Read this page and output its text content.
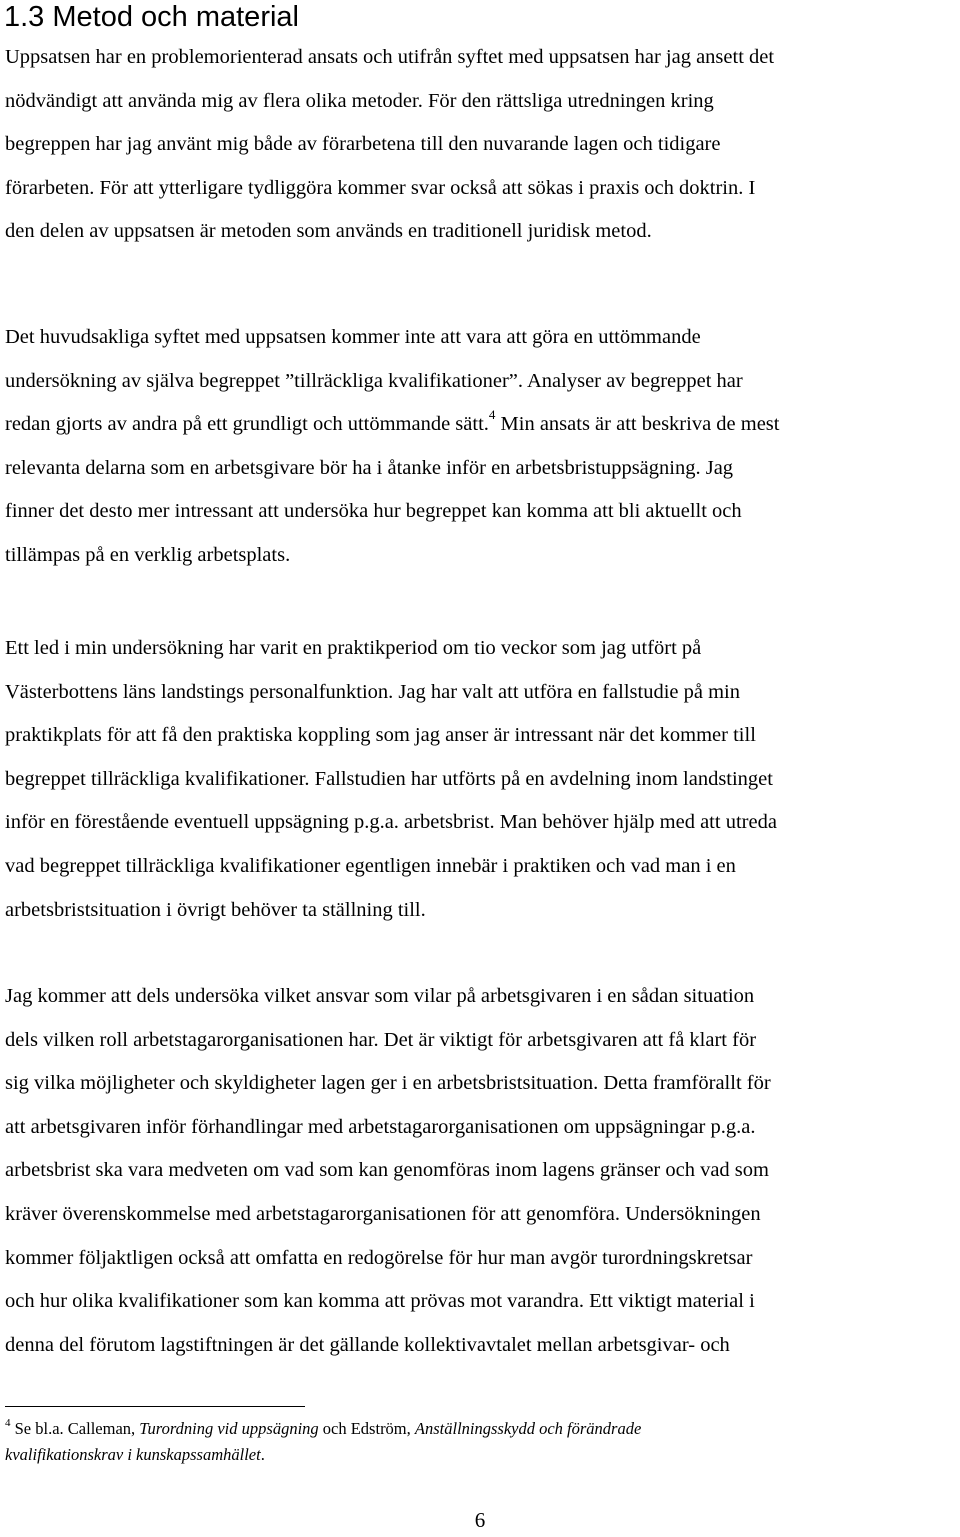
1.3 Metod och material
Uppsatsen har en problemorienterad ansats och utifrån syftet med uppsatsen har jag ansett det
nödvändigt att använda mig av flera olika metoder. För den rättsliga utredningen kring
begreppen har jag använt mig både av förarbetena till den nuvarande lagen och tidigare
förarbeten. För att ytterligare tydliggöra kommer svar också att sökas i praxis och doktrin. I
den delen av uppsatsen är metoden som används en traditionell juridisk metod.
Det huvudsakliga syftet med uppsatsen kommer inte att vara att göra en uttömmande
undersökning av själva begreppet ”tillräckliga kvalifikationer”. Analyser av begreppet har
redan gjorts av andra på ett grundligt och uttömmande sätt.$^4$ Min ansats är att beskriva de mest
relevanta delarna som en arbetsgivare bör ha i åtanke inför en arbetsbristuppsägning. Jag
finner det desto mer intressant att undersöka hur begreppet kan komma att bli aktuellt och
tillämpas på en verklig arbetsplats.
Ett led i min undersökning har varit en praktikperiod om tio veckor som jag utfört på
Västerbottens läns landstings personalfunktion. Jag har valt att utföra en fallstudie på min
praktikplats för att få den praktiska koppling som jag anser är intressant när det kommer till
begreppet tillräckliga kvalifikationer. Fallstudien har utförts på en avdelning inom landstinget
inför en förestående eventuell uppsägning p.g.a. arbetsbrist. Man behöver hjälp med att utreda
vad begreppet tillräckliga kvalifikationer egentligen innebär i praktiken och vad man i en
arbetsbristsituation i övrigt behöver ta ställning till.
Jag kommer att dels undersöka vilket ansvar som vilar på arbetsgivaren i en sådan situation
dels vilken roll arbetstagarorganisationen har. Det är viktigt för arbetsgivaren att få klart för
sig vilka möjligheter och skyldigheter lagen ger i en arbetsbristsituation. Detta framförallt för
att arbetsgivaren inför förhandlingar med arbetstagarorganisationen om uppsägningar p.g.a.
arbetsbrist ska vara medveten om vad som kan genomföras inom lagens gränser och vad som
kräver överenskommelse med arbetstagarorganisationen för att genomföra. Undersökningen
kommer följaktligen också att omfatta en redogörelse för hur man avgör turordningskretsar
och hur olika kvalifikationer som kan komma att prövas mot varandra. Ett viktigt material i
denna del förutom lagstiftningen är det gällande kollektivavtalet mellan arbetsgivar- och
$^4$ Se bl.a. Calleman, Turordning vid uppsägning och Edström, Anställningsskydd och förändrade
kvalifikationskrav i kunskapssamhället.
6
